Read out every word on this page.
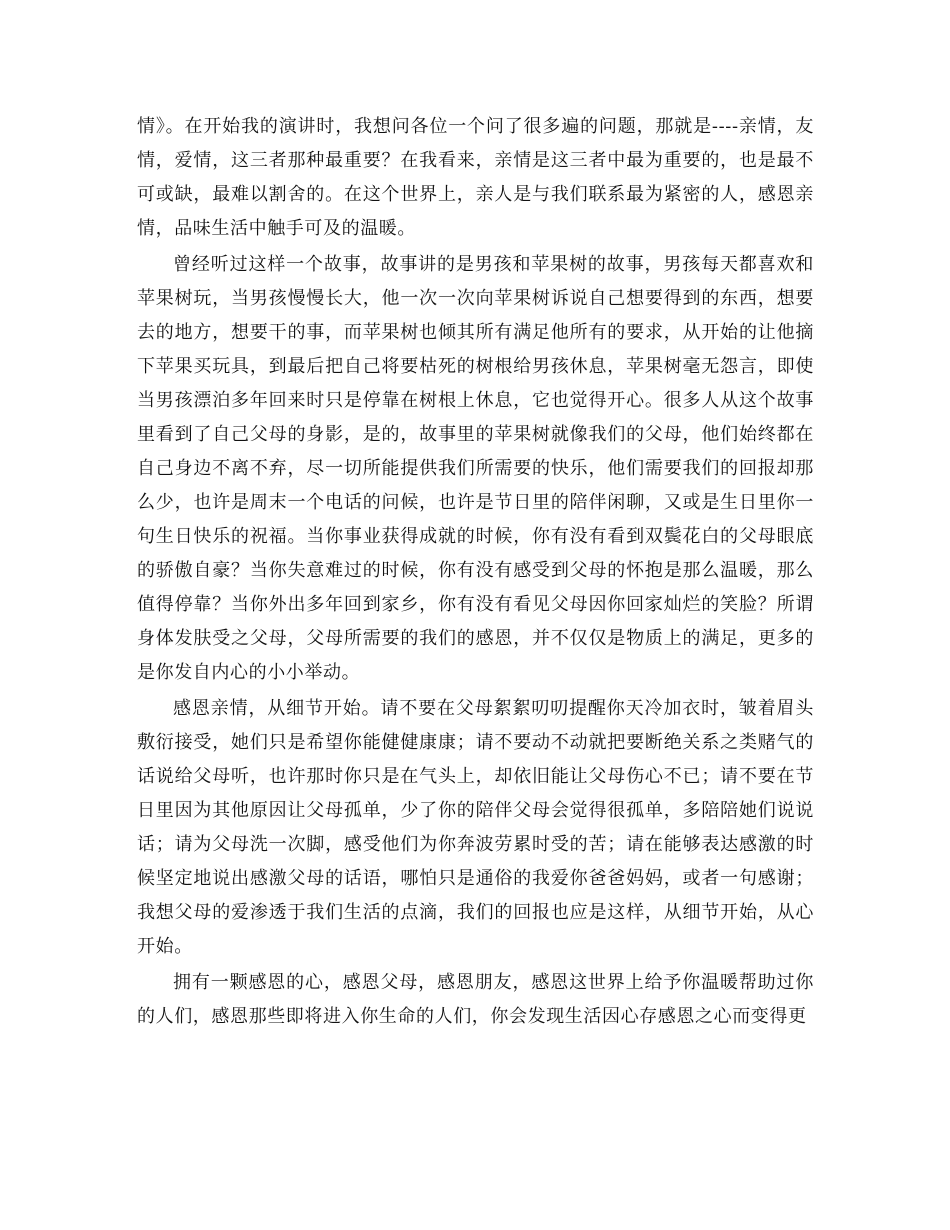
情》。在开始我的演讲时，我想问各位一个问了很多遍的问题，那就是----亲情，友情，爱情，这三者那种最重要？在我看来，亲情是这三者中最为重要的，也是最不可或缺，最难以割舍的。在这个世界上，亲人是与我们联系最为紧密的人，感恩亲情，品味生活中触手可及的温暖。

曾经听过这样一个故事，故事讲的是男孩和苹果树的故事，男孩每天都喜欢和苹果树玩，当男孩慢慢长大，他一次一次向苹果树诉说自己想要得到的东西，想要去的地方，想要干的事，而苹果树也倾其所有满足他所有的要求，从开始的让他摘下苹果买玩具，到最后把自己将要枯死的树根给男孩休息，苹果树毫无怨言，即使当男孩漂泊多年回来时只是停靠在树根上休息，它也觉得开心。很多人从这个故事里看到了自己父母的身影，是的，故事里的苹果树就像我们的父母，他们始终都在自己身边不离不弃，尽一切所能提供我们所需要的快乐，他们需要我们的回报却那么少，也许是周末一个电话的问候，也许是节日里的陪伴闲聊，又或是生日里你一句生日快乐的祝福。当你事业获得成就的时候，你有没有看到双鬓花白的父母眼底的骄傲自豪？当你失意难过的时候，你有没有感受到父母的怀抱是那么温暖，那么值得停靠？当你外出多年回到家乡，你有没有看见父母因你回家灿烂的笑脸？所谓身体发肤受之父母，父母所需要的我们的感恩，并不仅仅是物质上的满足，更多的是你发自内心的小小举动。

感恩亲情，从细节开始。请不要在父母絮絮叨叨提醒你天冷加衣时，皱着眉头敷衍接受，她们只是希望你能健健康康；请不要动不动就把要断绝关系之类赌气的话说给父母听，也许那时你只是在气头上，却依旧能让父母伤心不已；请不要在节日里因为其他原因让父母孤单，少了你的陪伴父母会觉得很孤单，多陪陪她们说说话；请为父母洗一次脚，感受他们为你奔波劳累时受的苦；请在能够表达感激的时候坚定地说出感激父母的话语，哪怕只是通俗的我爱你爸爸妈妈，或者一句感谢；我想父母的爱渗透于我们生活的点滴，我们的回报也应是这样，从细节开始，从心开始。

拥有一颗感恩的心，感恩父母，感恩朋友，感恩这世界上给予你温暖帮助过你的人们，感恩那些即将进入你生命的人们，你会发现生活因心存感恩之心而变得更
